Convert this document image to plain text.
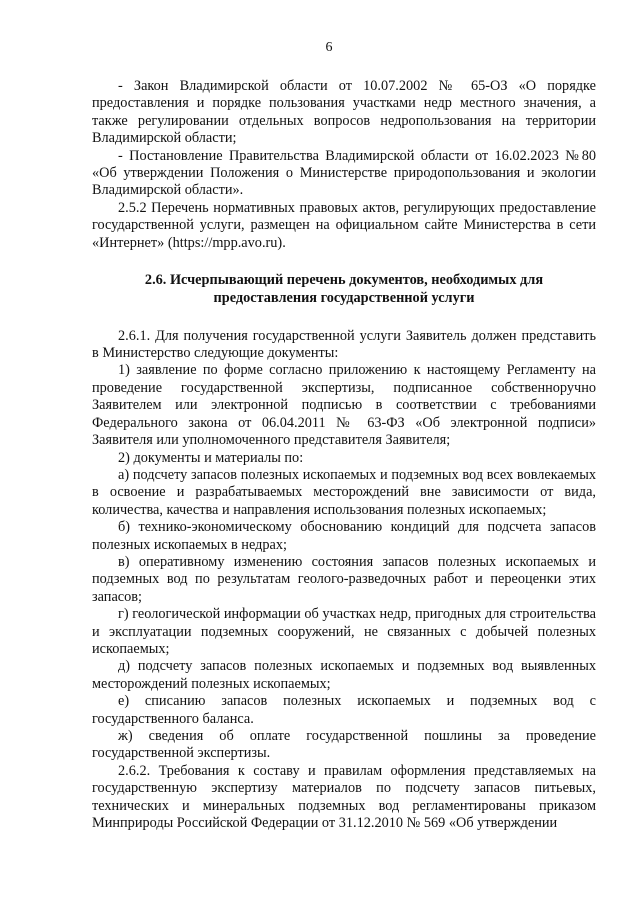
6

- Закон Владимирской области от 10.07.2002 № 65-ОЗ «О порядке предоставления и порядке пользования участками недр местного значения, а также регулировании отдельных вопросов недропользования на территории Владимирской области;

- Постановление Правительства Владимирской области от 16.02.2023 №80 «Об утверждении Положения о Министерстве природопользования и экологии Владимирской области».

2.5.2 Перечень нормативных правовых актов, регулирующих предоставление государственной услуги, размещен на официальном сайте Министерства в сети «Интернет» (https://mpp.avo.ru).

2.6. Исчерпывающий перечень документов, необходимых для предоставления государственной услуги

2.6.1. Для получения государственной услуги Заявитель должен представить в Министерство следующие документы:

1) заявление по форме согласно приложению к настоящему Регламенту на проведение государственной экспертизы, подписанное собственноручно Заявителем или электронной подписью в соответствии с требованиями Федерального закона от 06.04.2011 № 63-ФЗ «Об электронной подписи» Заявителя или уполномоченного представителя Заявителя;

2) документы и материалы по:

а) подсчету запасов полезных ископаемых и подземных вод всех вовлекаемых в освоение и разрабатываемых месторождений вне зависимости от вида, количества, качества и направления использования полезных ископаемых;

б) технико-экономическому обоснованию кондиций для подсчета запасов полезных ископаемых в недрах;

в) оперативному изменению состояния запасов полезных ископаемых и подземных вод по результатам геолого-разведочных работ и переоценки этих запасов;

г) геологической информации об участках недр, пригодных для строительства и эксплуатации подземных сооружений, не связанных с добычей полезных ископаемых;

д) подсчету запасов полезных ископаемых и подземных вод выявленных месторождений полезных ископаемых;

е) списанию запасов полезных ископаемых и подземных вод с государственного баланса.

ж) сведения об оплате государственной пошлины за проведение государственной экспертизы.

2.6.2. Требования к составу и правилам оформления представляемых на государственную экспертизу материалов по подсчету запасов питьевых, технических и минеральных подземных вод регламентированы приказом Минприроды Российской Федерации от 31.12.2010 № 569 «Об утверждении
